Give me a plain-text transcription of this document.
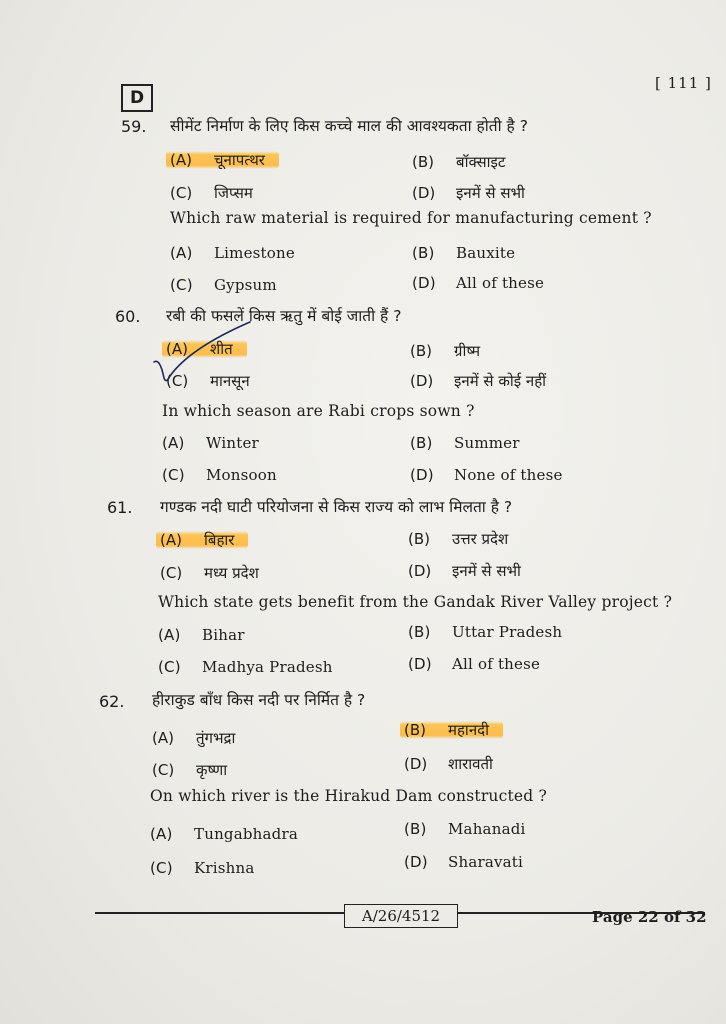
D
[ 111 ]
59. सीमेंट निर्माण के लिए किस कच्चे माल की आवश्यकता होती है ?
(A) चूनापत्थर	(B) बॉक्साइट
(C) जिप्सम	(D) इनमें से सभी
Which raw material is required for manufacturing cement ?
(A) Limestone	(B) Bauxite
(C) Gypsum	(D) All of these
60. रबी की फसलें किस ऋतु में बोई जाती हैं ?
(A) शीत	(B) ग्रीष्म
(C) मानसून	(D) इनमें से कोई नहीं
In which season are Rabi crops sown ?
(A) Winter	(B) Summer
(C) Monsoon	(D) None of these
61. गण्डक नदी घाटी परियोजना से किस राज्य को लाभ मिलता है ?
(A) बिहार	(B) उत्तर प्रदेश
(C) मध्य प्रदेश	(D) इनमें से सभी
Which state gets benefit from the Gandak River Valley project ?
(A) Bihar	(B) Uttar Pradesh
(C) Madhya Pradesh	(D) All of these
62. हीराकुड बाँध किस नदी पर निर्मित है ?
(A) तुंगभद्रा	(B) महानदी
(C) कृष्णा	(D) शारावती
On which river is the Hirakud Dam constructed ?
(A) Tungabhadra	(B) Mahanadi
(C) Krishna	(D) Sharavati
A/26/4512	Page 22 of 32
